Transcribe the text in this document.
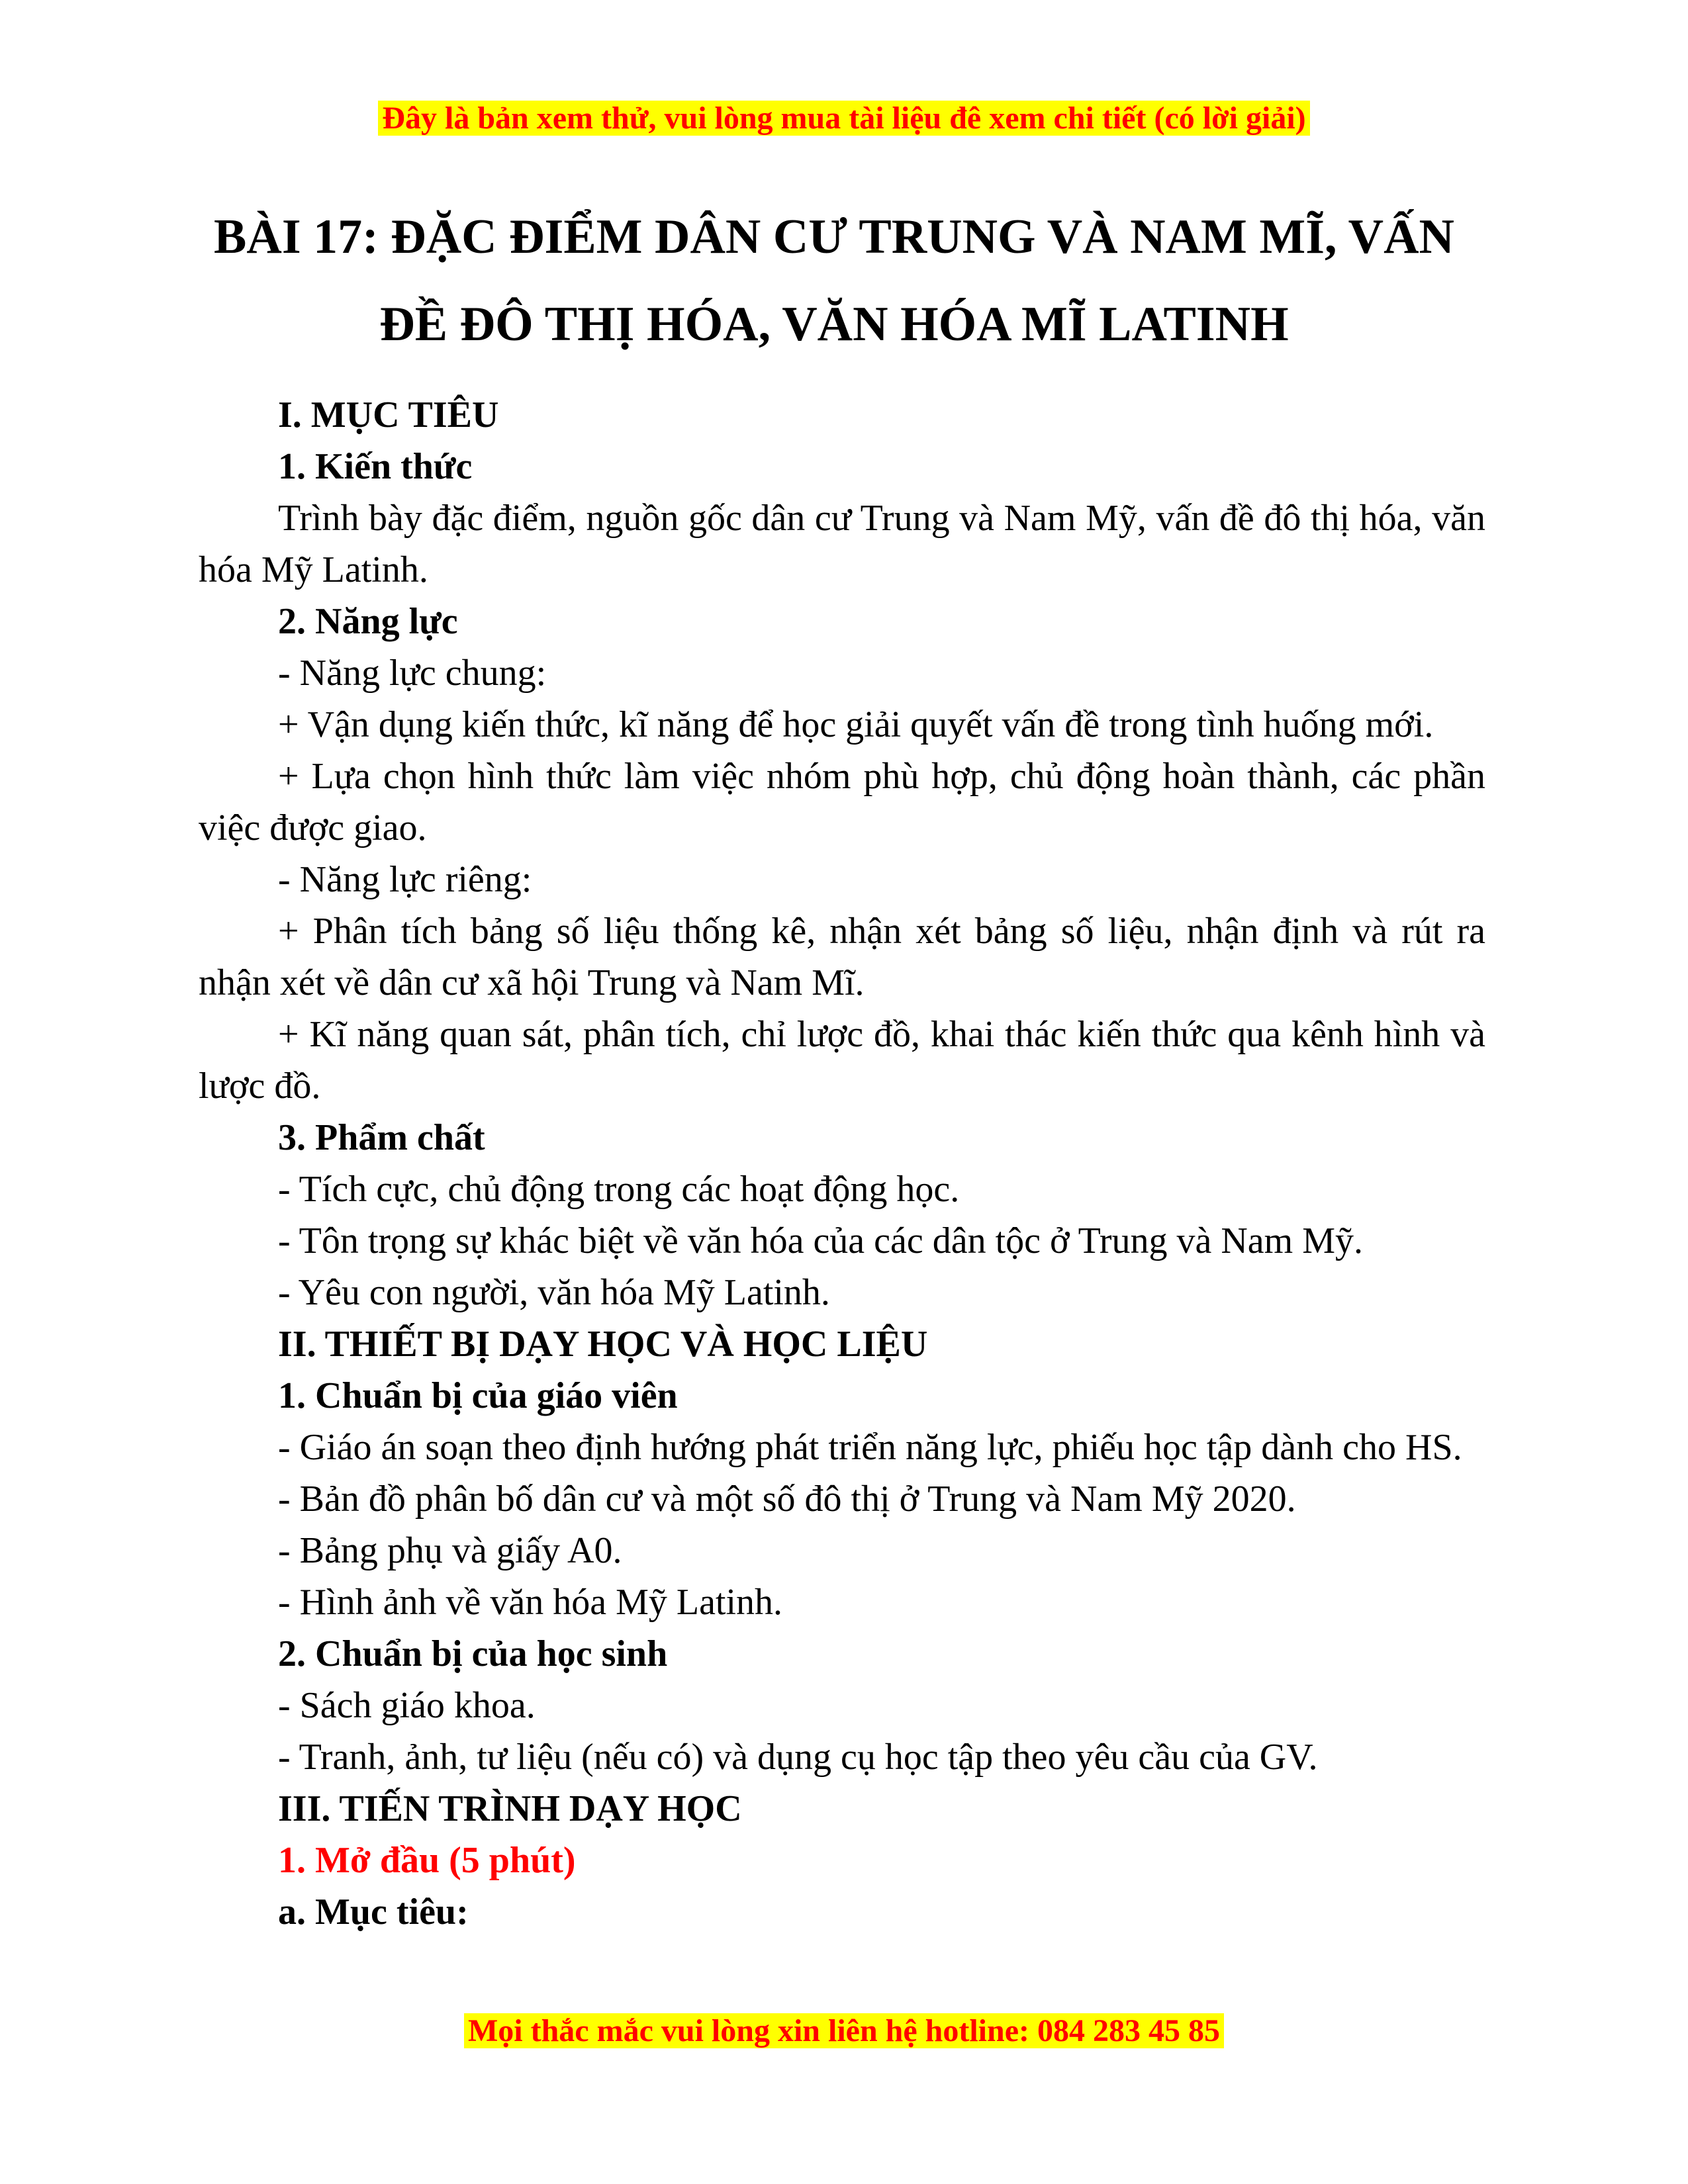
Đây là bản xem thử, vui lòng mua tài liệu đê xem chi tiết (có lời giải)
BÀI 17: ĐẶC ĐIỂM DÂN CƯ TRUNG VÀ NAM MĨ, VẤN
ĐỀ ĐÔ THỊ HÓA, VĂN HÓA MĨ LATINH

I. MỤC TIÊU

1. Kiến thức

Trình bày đặc điểm, nguồn gốc dân cư Trung và Nam Mỹ, vấn đề đô thị hóa, văn hóa Mỹ Latinh.

2. Năng lực

- Năng lực chung:

+ Vận dụng kiến thức, kĩ năng để học giải quyết vấn đề trong tình huống mới.

+ Lựa chọn hình thức làm việc nhóm phù hợp, chủ động hoàn thành, các phần việc được giao.

- Năng lực riêng:

+ Phân tích bảng số liệu thống kê, nhận xét bảng số liệu, nhận định và rút ra nhận xét về dân cư xã hội Trung và Nam Mĩ.

+ Kĩ năng quan sát, phân tích, chỉ lược đồ, khai thác kiến thức qua kênh hình và lược đồ.

3. Phẩm chất

- Tích cực, chủ động trong các hoạt động học.

- Tôn trọng sự khác biệt về văn hóa của các dân tộc ở Trung và Nam Mỹ.

- Yêu con người, văn hóa Mỹ Latinh.

II. THIẾT BỊ DẠY HỌC VÀ HỌC LIỆU

1. Chuẩn bị của giáo viên

- Giáo án soạn theo định hướng phát triển năng lực, phiếu học tập dành cho HS.

- Bản đồ phân bố dân cư và một số đô thị ở Trung và Nam Mỹ 2020.

- Bảng phụ và giấy A0.

- Hình ảnh về văn hóa Mỹ Latinh.

2. Chuẩn bị của học sinh

- Sách giáo khoa.

- Tranh, ảnh, tư liệu (nếu có) và dụng cụ học tập theo yêu cầu của GV.

III. TIẾN TRÌNH DẠY HỌC

1. Mở đầu (5 phút)

a. Mục tiêu:

Mọi thắc mắc vui lòng xin liên hệ hotline: 084 283 45 85
